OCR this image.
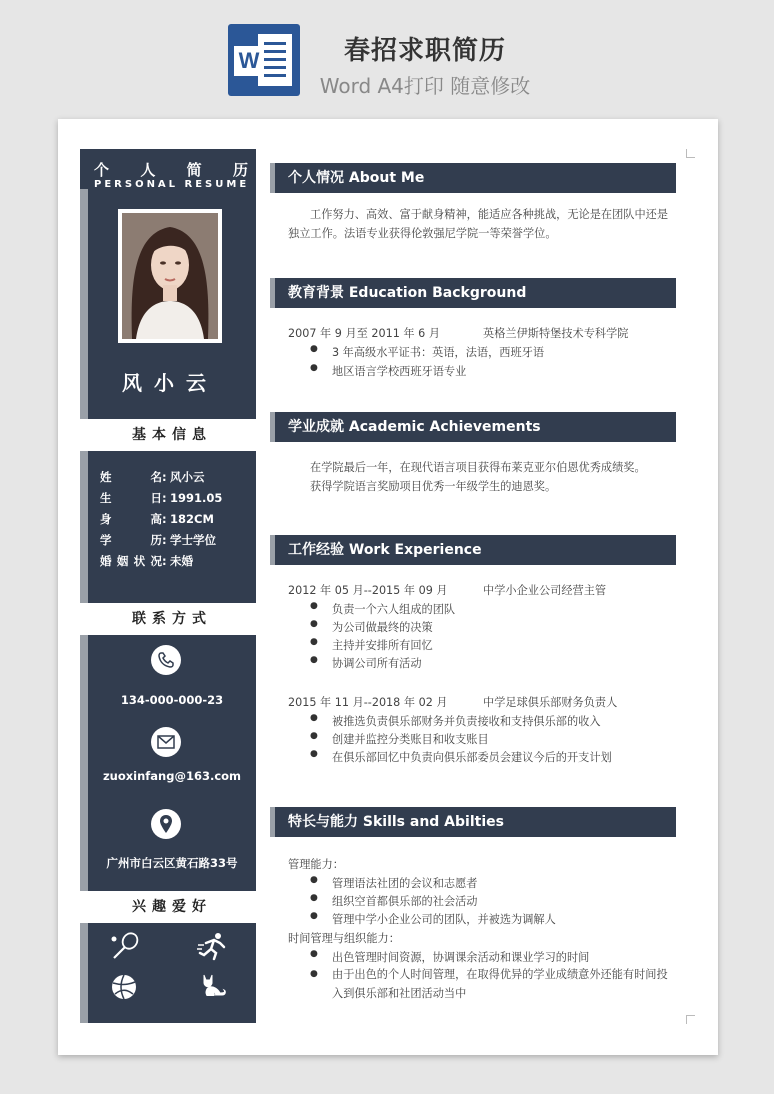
W	春招求职简历
Word A4打印 随意修改
个 人 简 历
PERSONAL RESUME
风小云
基本信息
姓	名 : 风小云
生	日 : 1991.05
身	高 : 182CM
学	历 : 学士学位
婚 姻 状 况 : 未婚
联系方式
134-000-000-23
zuoxinfang@163.com
广州市白云区黄石路33号
兴趣爱好
个人情况 About Me
工作努力、高效、富于献身精神，能适应各种挑战，无论是在团队中还是独立工作。法语专业获得伦敦强尼学院一等荣誉学位。
教育背景 Education Background
2007 年 9 月至 2011 年 6 月	英格兰伊斯特堡技术专科学院
● 3 年高级水平证书：英语，法语，西班牙语
● 地区语言学校西班牙语专业
学业成就 Academic Achievements
在学院最后一年，在现代语言项目获得布莱克亚尔伯恩优秀成绩奖。
获得学院语言奖励项目优秀一年级学生的迪恩奖。
工作经验 Work Experience
2012 年 05 月--2015 年 09 月	中学小企业公司经营主管
● 负责一个六人组成的团队
● 为公司做最终的决策
● 主持并安排所有回忆
● 协调公司所有活动
2015 年 11 月--2018 年 02 月	中学足球俱乐部财务负责人
● 被推选负责俱乐部财务并负责接收和支持俱乐部的收入
● 创建并监控分类账目和收支账目
● 在俱乐部回忆中负责向俱乐部委员会建议今后的开支计划
特长与能力 Skills and Abilties
管理能力：
● 管理语法社团的会议和志愿者
● 组织空首都俱乐部的社会活动
● 管理中学小企业公司的团队，并被选为调解人
时间管理与组织能力：
● 出色管理时间资源，协调课余活动和课业学习的时间
● 由于出色的个人时间管理，在取得优异的学业成绩意外还能有时间投入到俱乐部和社团活动当中
